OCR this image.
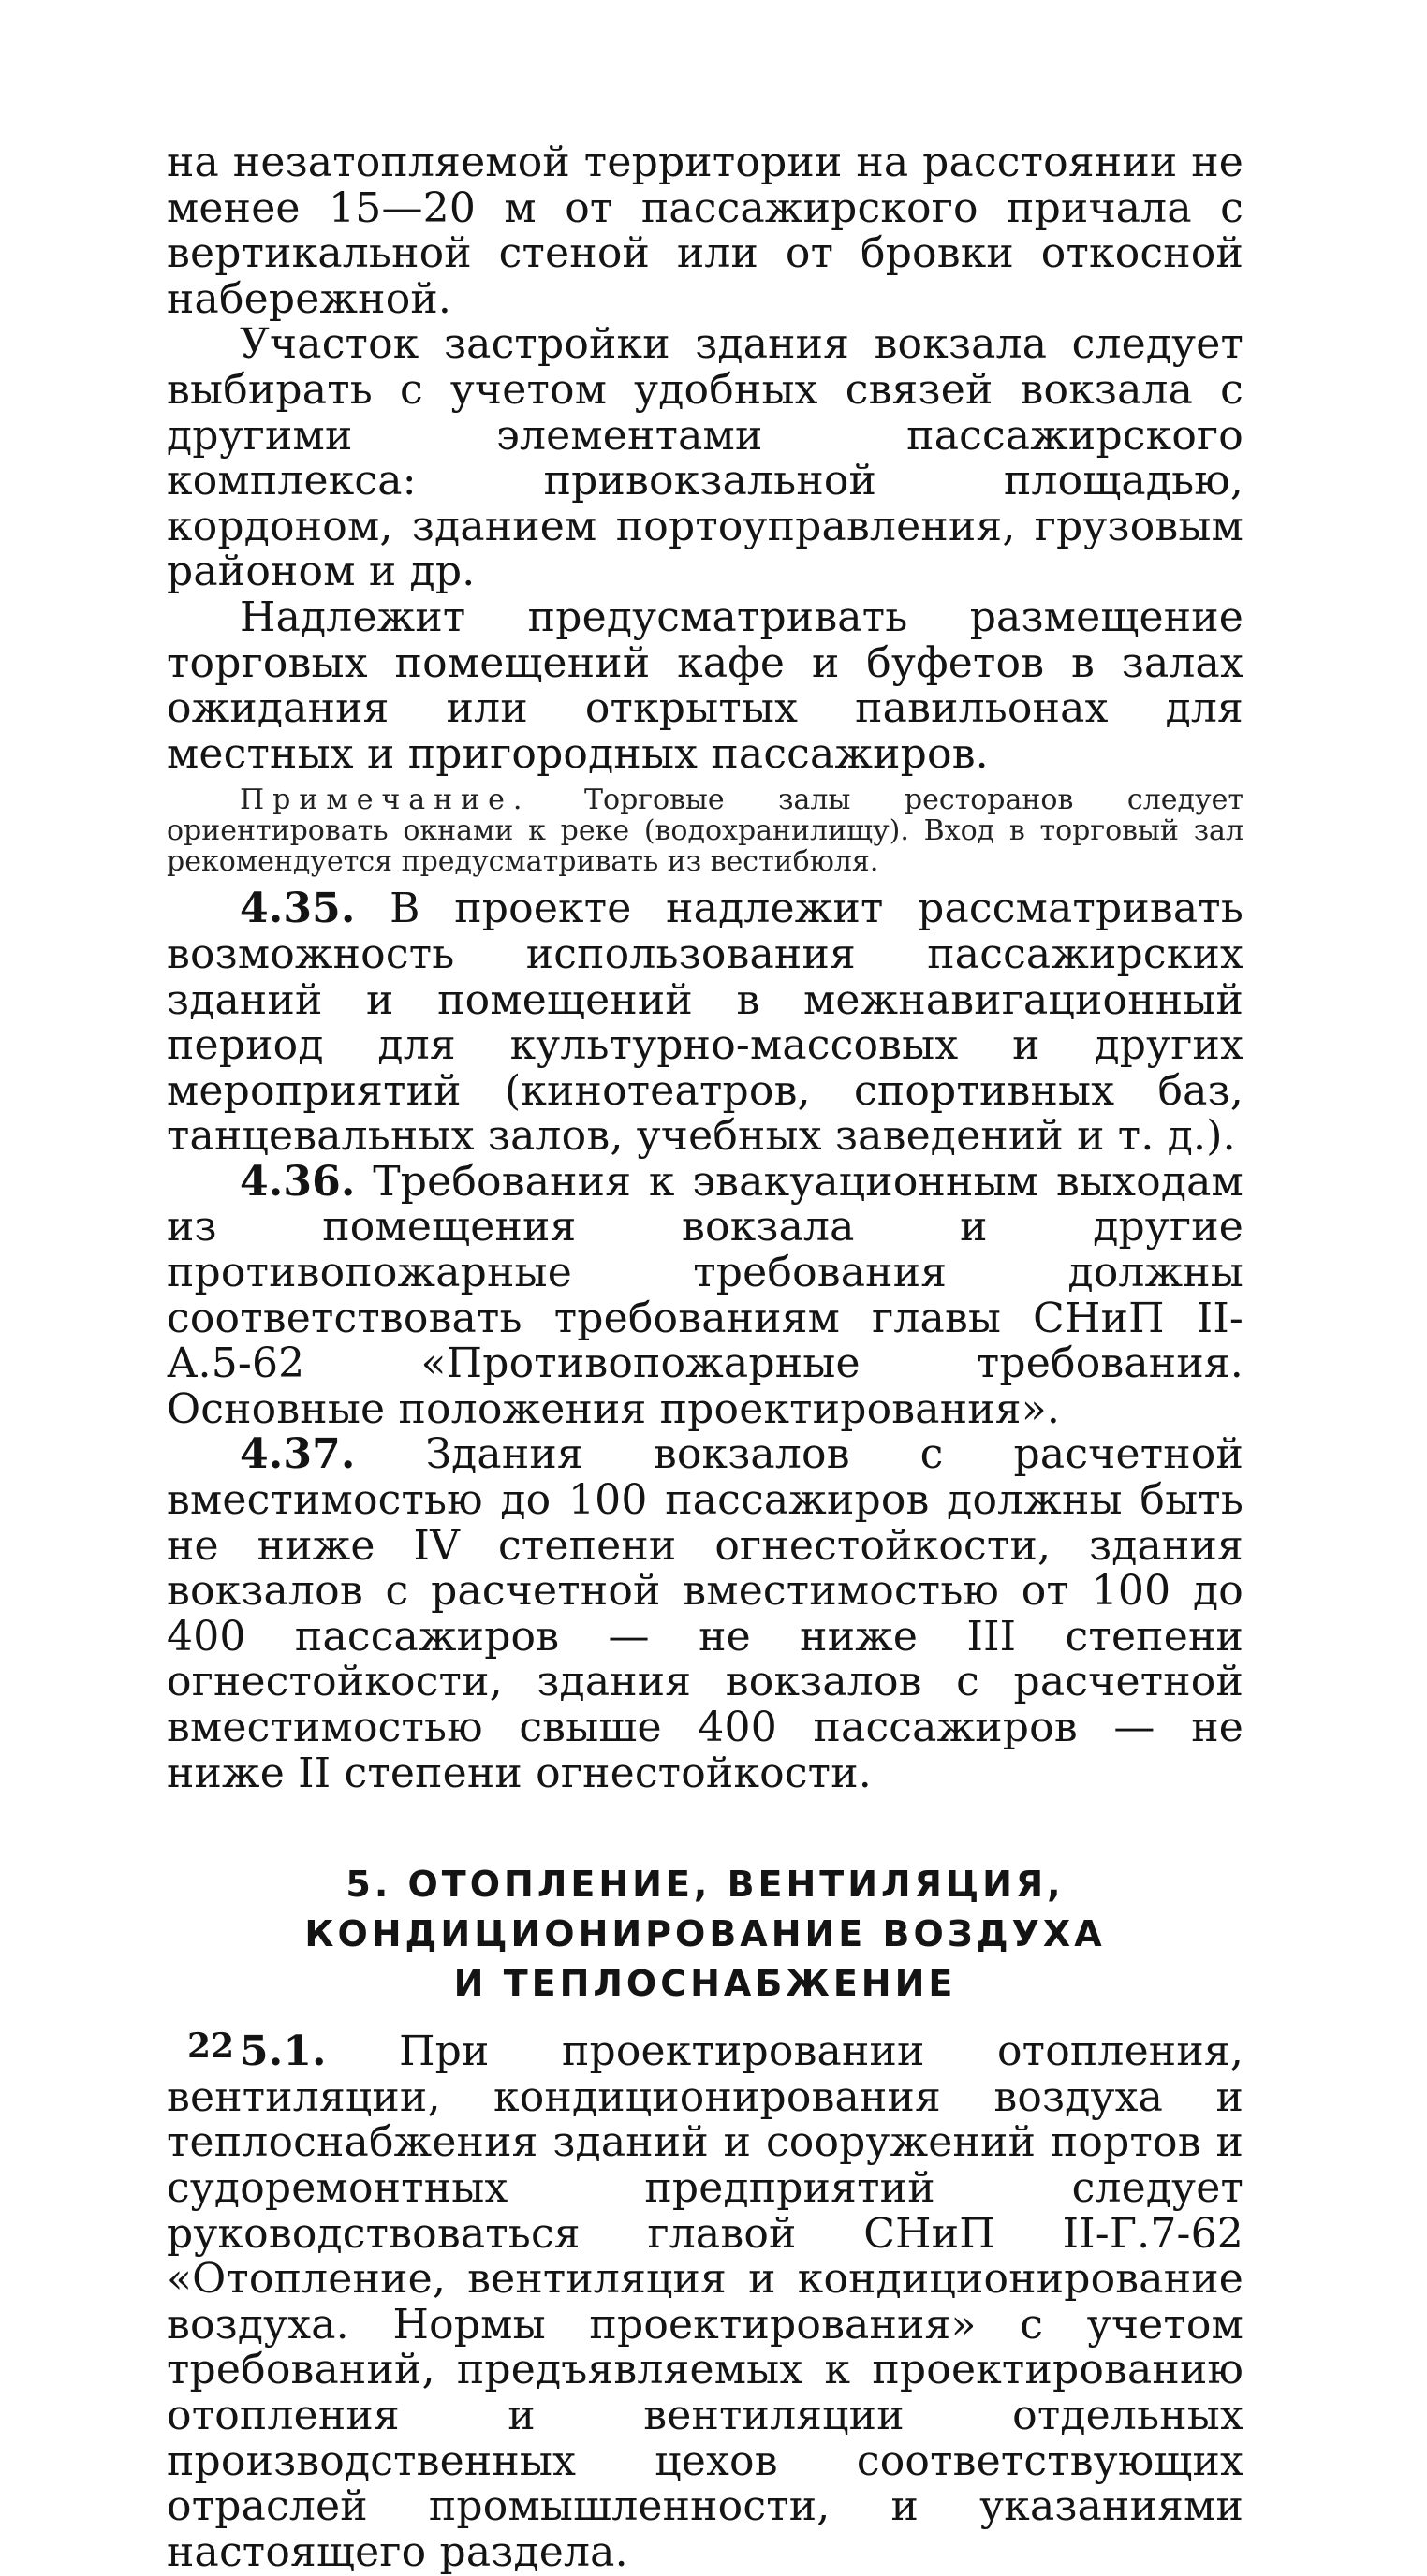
на незатопляемой территории на расстоянии не менее 15—20 м от пассажирского причала с вертикальной стеной или от бровки откосной набережной.

Участок застройки здания вокзала следует выбирать с учетом удобных связей вокзала с другими элементами пассажирского комплекса: привокзальной площадью, кордоном, зданием портоуправления, грузовым районом и др.

Надлежит предусматривать размещение торговых помещений кафе и буфетов в залах ожидания или открытых павильонах для местных и пригородных пассажиров.

Примечание. Торговые залы ресторанов следует ориентировать окнами к реке (водохранилищу). Вход в торговый зал рекомендуется предусматривать из вестибюля.

4.35. В проекте надлежит рассматривать возможность использования пассажирских зданий и помещений в межнавигационный период для культурно-массовых и других мероприятий (кинотеатров, спортивных баз, танцевальных залов, учебных заведений и т. д.).

4.36. Требования к эвакуационным выходам из помещения вокзала и другие противопожарные требования должны соответствовать требованиям главы СНиП II-А.5-62 «Противопожарные требования. Основные положения проектирования».

4.37. Здания вокзалов с расчетной вместимостью до 100 пассажиров должны быть не ниже IV степени огнестойкости, здания вокзалов с расчетной вместимостью от 100 до 400 пассажиров — не ниже III степени огнестойкости, здания вокзалов с расчетной вместимостью свыше 400 пассажиров — не ниже II степени огнестойкости.

5. ОТОПЛЕНИЕ, ВЕНТИЛЯЦИЯ,
КОНДИЦИОНИРОВАНИЕ ВОЗДУХА
И ТЕПЛОСНАБЖЕНИЕ

5.1. При проектировании отопления, вентиляции, кондиционирования воздуха и теплоснабжения зданий и сооружений портов и судоремонтных предприятий следует руководствоваться главой СНиП II-Г.7-62 «Отопление, вентиляция и кондиционирование воздуха. Нормы проектирования» с учетом требований, предъявляемых к проектированию отопления и вентиляции отдельных производственных цехов соответствующих отраслей промышленности, и указаниями настоящего раздела.

22
